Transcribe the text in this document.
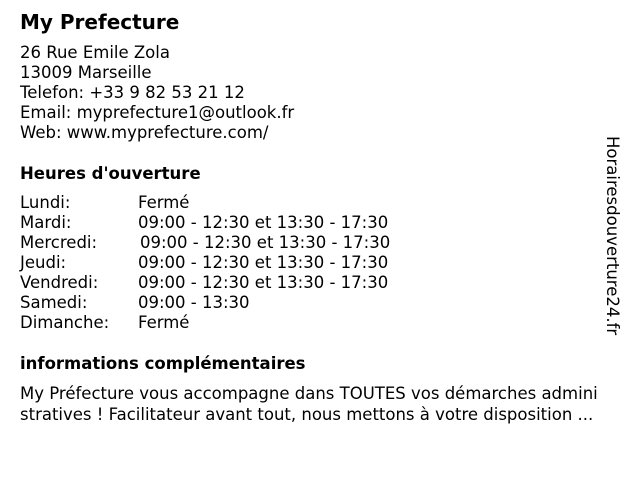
My Prefecture
26 Rue Emile Zola
13009 Marseille
Telefon: +33 9 82 53 21 12
Email: myprefecture1@outlook.fr
Web: www.myprefecture.com/
Heures d'ouverture
Lundi:	Fermé
Mardi:	09:00 - 12:30 et 13:30 - 17:30
Mercredi:	09:00 - 12:30 et 13:30 - 17:30
Jeudi:	09:00 - 12:30 et 13:30 - 17:30
Vendredi: 09:00 - 12:30 et 13:30 - 17:30
Samedi:	09:00 - 13:30
Dimanche: Fermé
informations complémentaires
My Préfecture vous accompagne dans TOUTES vos démarches admini
stratives ! Facilitateur avant tout, nous mettons à votre disposition ...
Horairesdouverture24.fr
